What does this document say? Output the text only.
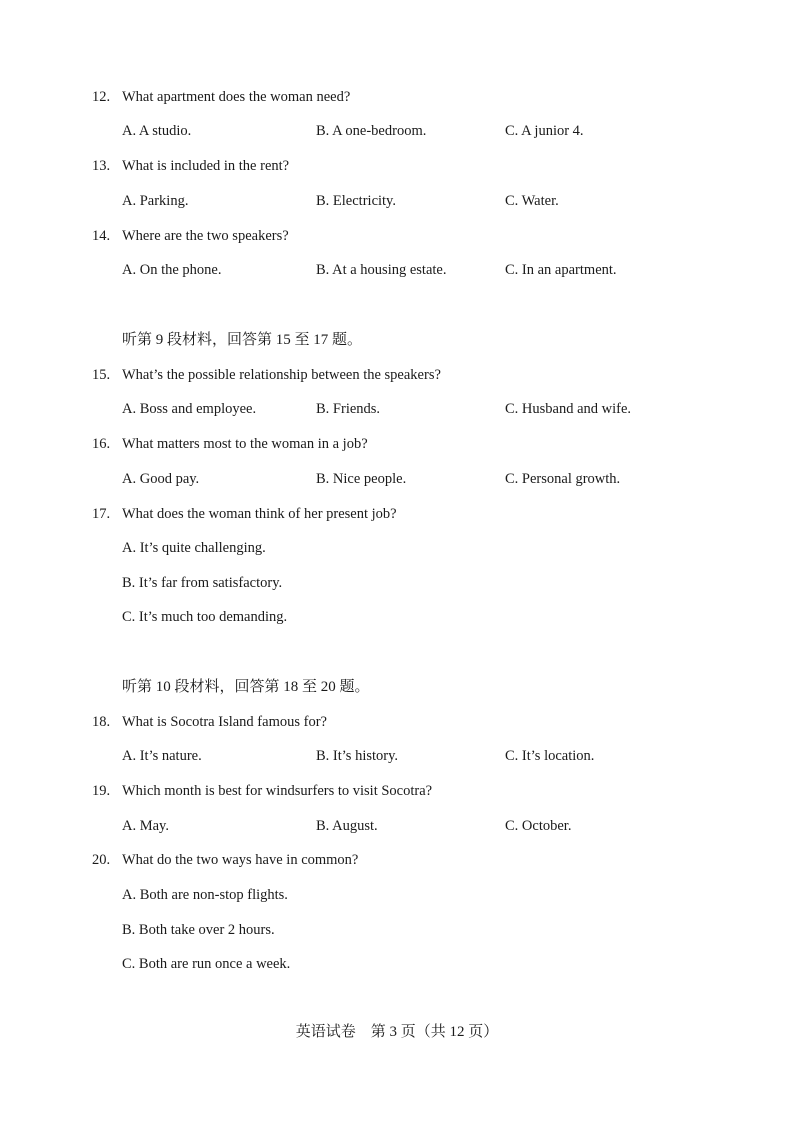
12. What apartment does the woman need?
A. A studio.	B. A one-bedroom.	C. A junior 4.
13. What is included in the rent?
A. Parking.	B. Electricity.	C. Water.
14. Where are the two speakers?
A. On the phone.	B. At a housing estate.	C. In an apartment.
听第 9 段材料，回答第 15 至 17 题。
15. What’s the possible relationship between the speakers?
A. Boss and employee.	B. Friends.	C. Husband and wife.
16. What matters most to the woman in a job?
A. Good pay.	B. Nice people.	C. Personal growth.
17. What does the woman think of her present job?
A. It’s quite challenging.
B. It’s far from satisfactory.
C. It’s much too demanding.
听第 10 段材料，回答第 18 至 20 题。
18. What is Socotra Island famous for?
A. It’s nature.	B. It’s history.	C. It’s location.
19. Which month is best for windsurfers to visit Socotra?
A. May.	B. August.	C. October.
20. What do the two ways have in common?
A. Both are non-stop flights.
B. Both take over 2 hours.
C. Both are run once a week.
英语试卷　第 3 页（共 12 页）
